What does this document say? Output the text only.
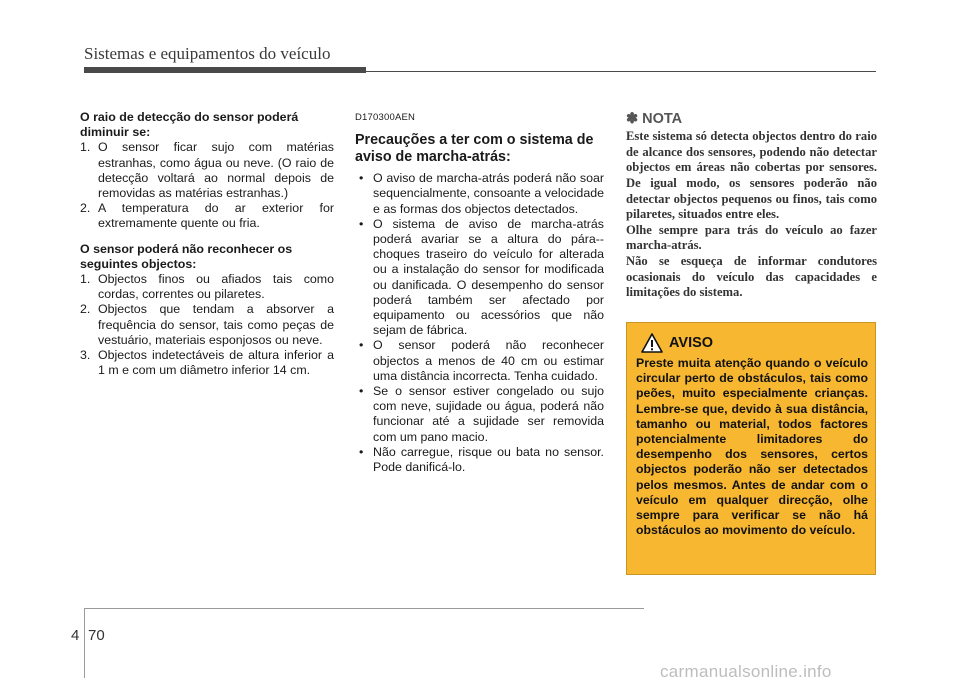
Sistemas e equipamentos do veículo
O raio de detecção do sensor poderá diminuir se:
1. O sensor ficar sujo com matérias estranhas, como água ou neve. (O raio de detecção voltará ao normal depois de removidas as matérias estranhas.)
2. A temperatura do ar exterior for extremamente quente ou fria.
O sensor poderá não reconhecer os seguintes objectos:
1. Objectos finos ou afiados tais como cordas, correntes ou pilaretes.
2. Objectos que tendam a absorver a frequência do sensor, tais como peças de vestuário, materiais esponjosos ou neve.
3. Objectos indetectáveis de altura inferior a 1 m e com um diâmetro inferior 14 cm.
D170300AEN
Precauções a ter com o sistema de aviso de marcha-atrás:
• O aviso de marcha-atrás poderá não soar sequencialmente, consoante a velocidade e as formas dos objectos detectados.
• O sistema de aviso de marcha-atrás poderá avariar se a altura do pára--choques traseiro do veículo for alterada ou a instalação do sensor for modificada ou danificada. O desempenho do sensor poderá também ser afectado por equipamento ou acessórios que não sejam de fábrica.
• O sensor poderá não reconhecer objectos a menos de 40 cm ou estimar uma distância incorrecta. Tenha cuidado.
• Se o sensor estiver congelado ou sujo com neve, sujidade ou água, poderá não funcionar até a sujidade ser removida com um pano macio.
• Não carregue, risque ou bata no sensor. Pode danificá-lo.
✽ NOTA

Este sistema só detecta objectos dentro do raio de alcance dos sensores, podendo não detectar objectos em áreas não cobertas por sensores. De igual modo, os sensores poderão não detectar objectos pequenos ou finos, tais como pilaretes, situados entre eles.

Olhe sempre para trás do veículo ao fazer marcha-atrás.

Não se esqueça de informar condutores ocasionais do veículo das capacidades e limitações do sistema.

AVISO
Preste muita atenção quando o veículo circular perto de obstáculos, tais como peões, muito especialmente crianças. Lembre-se que, devido à sua distância, tamanho ou material, todos factores potencialmente limitadores do desempenho dos sensores, certos objectos poderão não ser detectados pelos mesmos. Antes de andar com o veículo em qualquer direcção, olhe sempre para verificar se não há obstáculos ao movimento do veículo.
4 70
carmanualsonline.info
